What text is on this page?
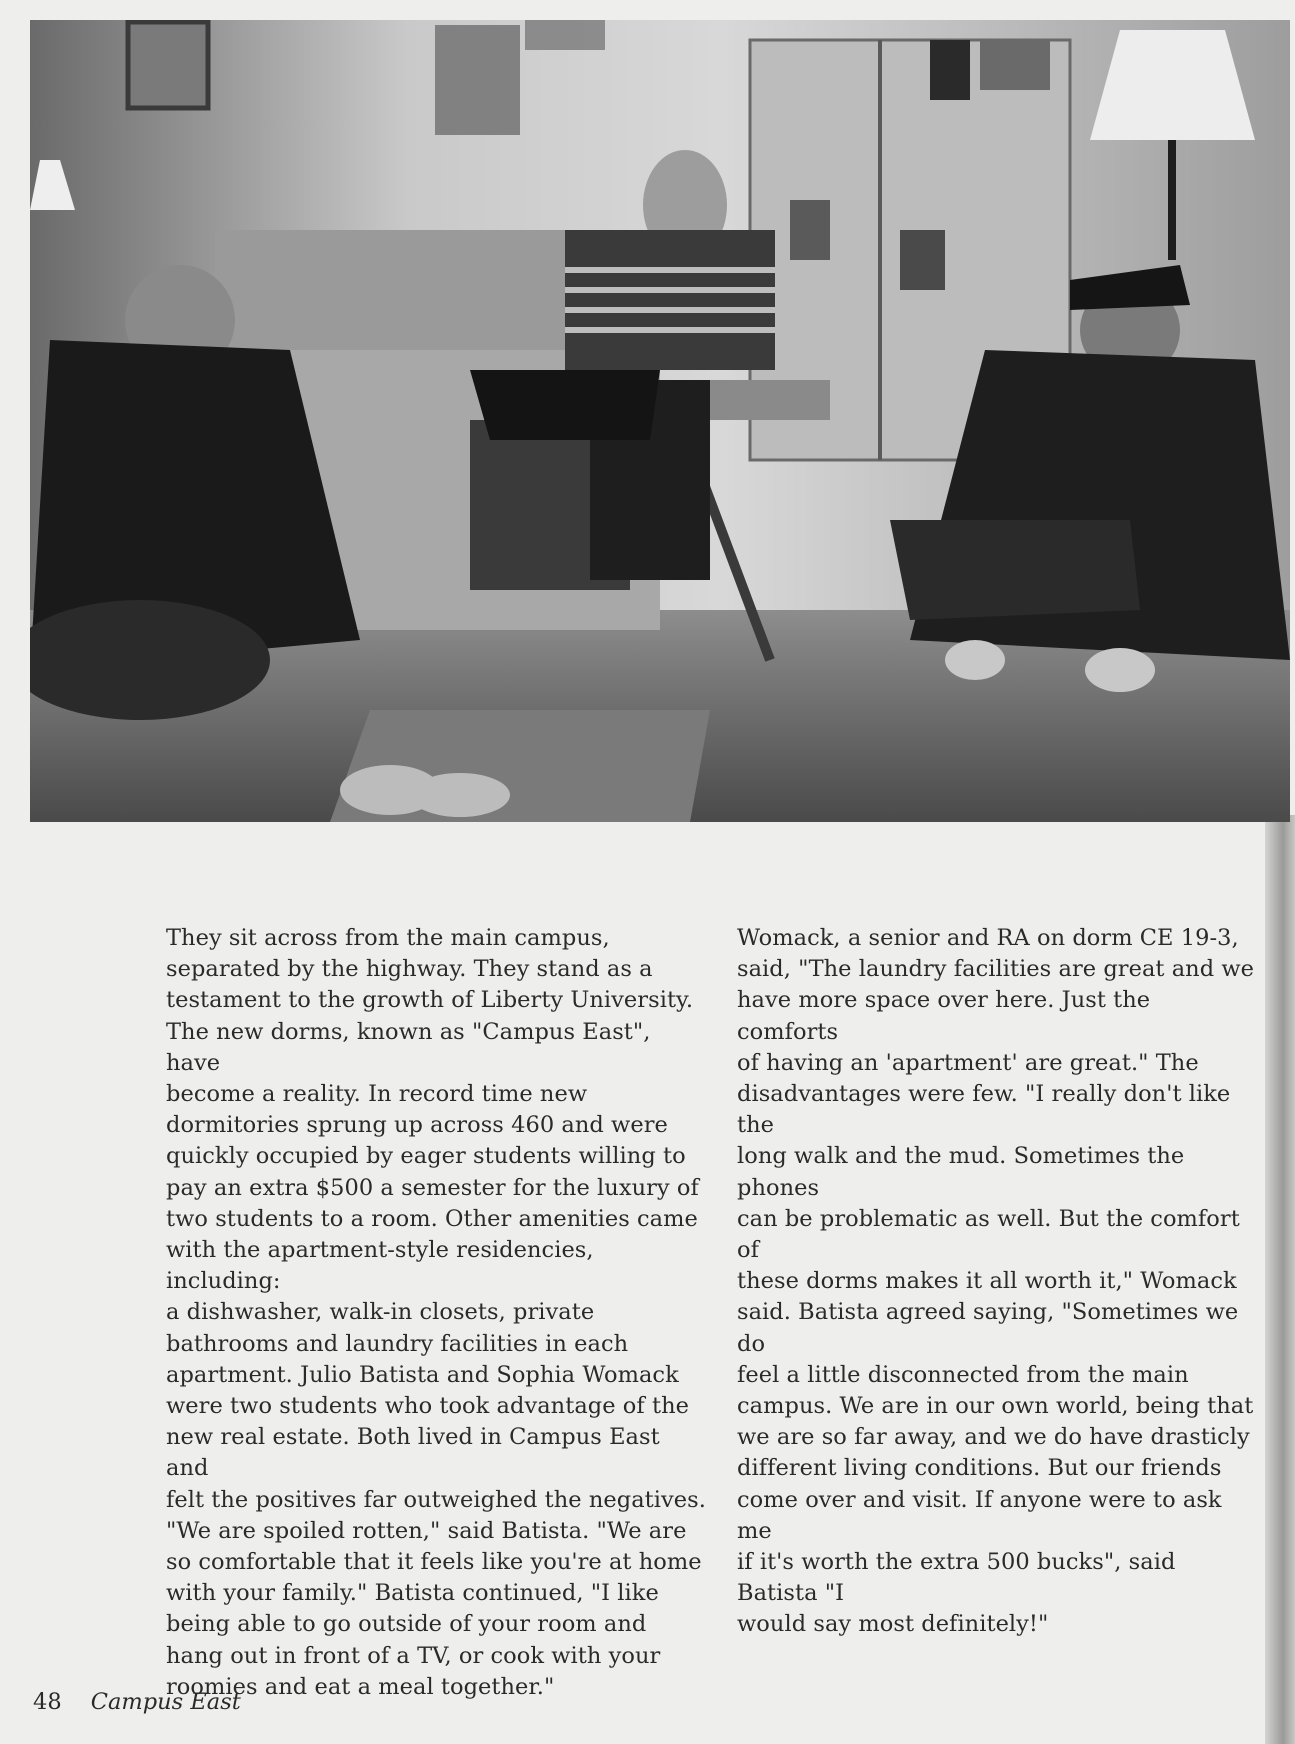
They sit across from the main campus,
separated by the highway. They stand as a
testament to the growth of Liberty University.
The new dorms, known as "Campus East", have
become a reality. In record time new
dormitories sprung up across 460 and were
quickly occupied by eager students willing to
pay an extra $500 a semester for the luxury of
two students to a room. Other amenities came
with the apartment-style residencies, including:
a dishwasher, walk-in closets, private
bathrooms and laundry facilities in each
apartment. Julio Batista and Sophia Womack
were two students who took advantage of the
new real estate. Both lived in Campus East and
felt the positives far outweighed the negatives.
"We are spoiled rotten," said Batista. "We are
so comfortable that it feels like you're at home
with your family." Batista continued, "I like
being able to go outside of your room and
hang out in front of a TV, or cook with your
roomies and eat a meal together."
Womack, a senior and RA on dorm CE 19-3,
said, "The laundry facilities are great and we
have more space over here. Just the comforts
of having an 'apartment' are great." The
disadvantages were few. "I really don't like the
long walk and the mud. Sometimes the phones
can be problematic as well. But the comfort of
these dorms makes it all worth it," Womack
said. Batista agreed saying, "Sometimes we do
feel a little disconnected from the main
campus. We are in our own world, being that
we are so far away, and we do have drasticly
different living conditions. But our friends
come over and visit. If anyone were to ask me
if it's worth the extra 500 bucks", said Batista "I
would say most definitely!"
48 Campus East
